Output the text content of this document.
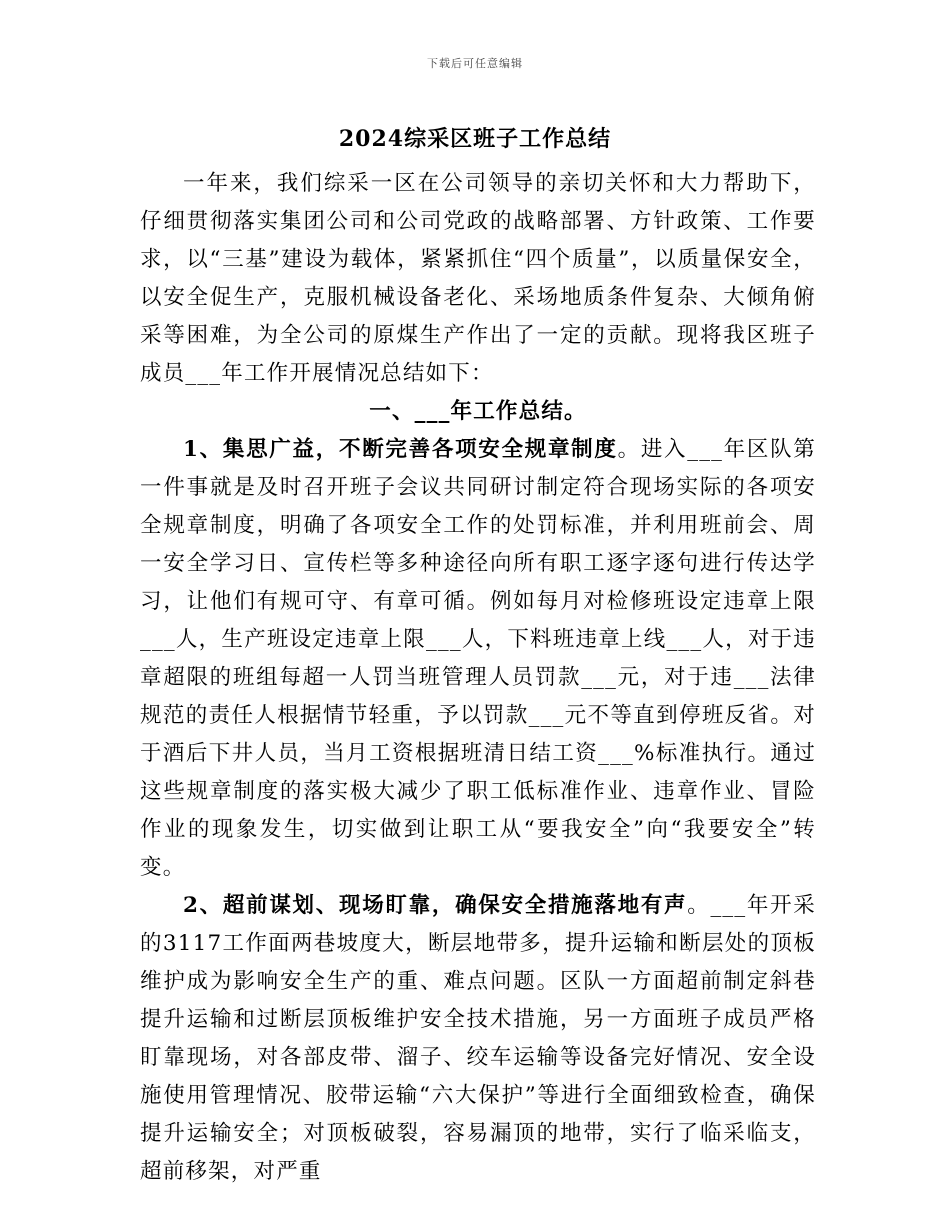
下载后可任意编辑
2024综采区班子工作总结

一年来，我们综采一区在公司领导的亲切关怀和大力帮助下，仔细贯彻落实集团公司和公司党政的战略部署、方针政策、工作要求，以“三基”建设为载体，紧紧抓住“四个质量”，以质量保安全，以安全促生产，克服机械设备老化、采场地质条件复杂、大倾角俯采等困难，为全公司的原煤生产作出了一定的贡献。现将我区班子成员___年工作开展情况总结如下：

一、___年工作总结。

1、集思广益，不断完善各项安全规章制度。进入___年区队第一件事就是及时召开班子会议共同研讨制定符合现场实际的各项安全规章制度，明确了各项安全工作的处罚标准，并利用班前会、周一安全学习日、宣传栏等多种途径向所有职工逐字逐句进行传达学习，让他们有规可守、有章可循。例如每月对检修班设定违章上限___人，生产班设定违章上限___人，下料班违章上线___人，对于违章超限的班组每超一人罚当班管理人员罚款___元，对于违___法律规范的责任人根据情节轻重，予以罚款___元不等直到停班反省。对于酒后下井人员，当月工资根据班清日结工资___%标准执行。通过这些规章制度的落实极大减少了职工低标准作业、违章作业、冒险作业的现象发生，切实做到让职工从“要我安全”向“我要安全”转变。

2、超前谋划、现场盯靠，确保安全措施落地有声。___年开采的3117工作面两巷坡度大，断层地带多，提升运输和断层处的顶板维护成为影响安全生产的重、难点问题。区队一方面超前制定斜巷提升运输和过断层顶板维护安全技术措施，另一方面班子成员严格盯靠现场，对各部皮带、溜子、绞车运输等设备完好情况、安全设施使用管理情况、胶带运输“六大保护”等进行全面细致检查，确保提升运输安全；对顶板破裂，容易漏顶的地带，实行了临采临支，超前移架，对严重
